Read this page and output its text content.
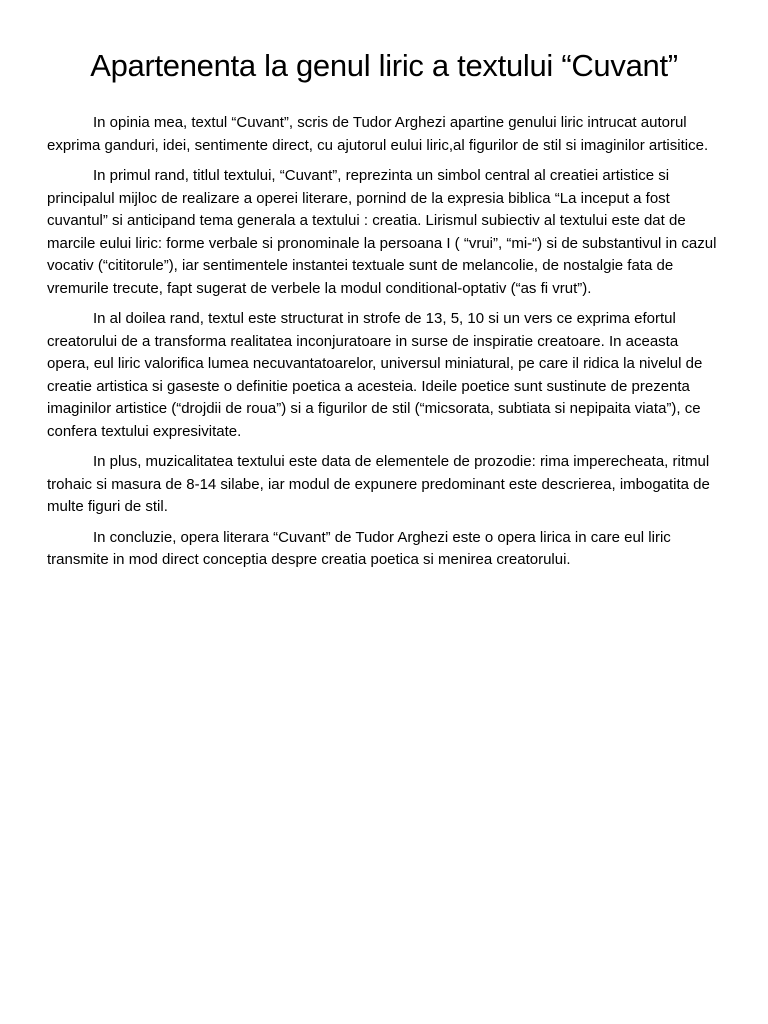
Apartenenta la genul liric a textului “Cuvant”

In opinia mea, textul “Cuvant”, scris de Tudor Arghezi apartine genului liric intrucat autorul exprima ganduri, idei, sentimente direct, cu ajutorul eului liric,al figurilor de stil si imaginilor artisitice.

In primul rand, titlul textului, “Cuvant”, reprezinta un simbol central al creatiei artistice si principalul mijloc de realizare a operei literare, pornind de la expresia biblica “La inceput a fost cuvantul” si anticipand tema generala a textului : creatia. Lirismul subiectiv al textului este dat de marcile eului liric: forme verbale si pronominale la persoana I ( “vrui”, “mi-“) si de substantivul in cazul vocativ (“cititorule”), iar sentimentele instantei textuale sunt de melancolie, de nostalgie fata de vremurile trecute, fapt sugerat de verbele la modul conditional-optativ (“as fi vrut”).

In al doilea rand, textul este structurat in strofe de 13, 5, 10 si un vers ce exprima efortul creatorului de a transforma realitatea inconjuratoare in surse de inspiratie creatoare. In aceasta opera, eul liric valorifica lumea necuvantatoarelor, universul miniatural, pe care il ridica la nivelul de creatie artistica si gaseste o definitie poetica a acesteia. Ideile poetice sunt sustinute de prezenta imaginilor artistice (“drojdii de roua”) si a figurilor de stil (“micsorata, subtiata si nepipaita viata”), ce confera textului expresivitate.

In plus, muzicalitatea textului este data de elementele de prozodie: rima imperecheata, ritmul trohaic si masura de 8-14 silabe, iar modul de expunere predominant este descrierea, imbogatita de multe figuri de stil.

In concluzie, opera literara “Cuvant” de Tudor Arghezi este o opera lirica in care eul liric transmite in mod direct conceptia despre creatia poetica si menirea creatorului.
